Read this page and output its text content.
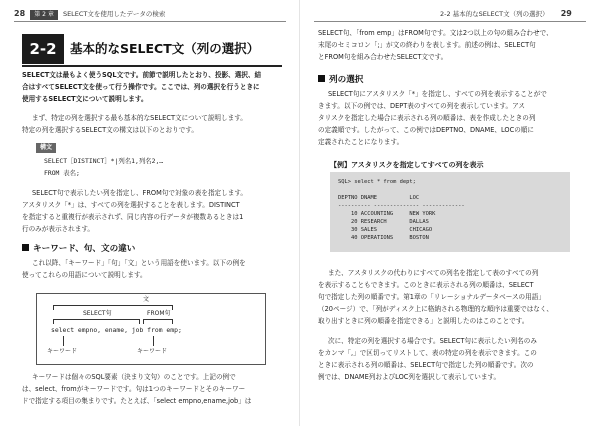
28 第 2 章 SELECT文を使用したデータの検索
2-2	基本的なSELECT文（列の選択）
SELECT文は最もよく使うSQL文です。前節で説明したとおり、投影、選択、結
合はすべてSELECT文を使って行う操作です。ここでは、列の選択を行うときに
使用するSELECT文について説明します。
まず、特定の列を選択する最も基本的なSELECT文について説明します。
特定の列を選択するSELECT文の構文は以下のとおりです。
構文
SELECT［DISTINCT］*|列名1,列名2,…
FROM 表名;
SELECT句で表示したい列を指定し、FROM句で対象の表を指定します。
アスタリスク「*」は、すべての列を選択することを表します。DISTINCT
を指定すると重複行が表示されず、同じ内容の行データが複数あるときは1
行のみが表示されます。
キーワード、句、文の違い
これ以降、「キーワード」「句」「文」という用語を使います。以下の例を
使ってこれらの用語について説明します。
文
SELECT句	FROM句
select empno, ename, job from emp;
キーワード	キーワード
キーワードは個々のSQL要素（決まり文句）のことです。上記の例で
は、select、fromがキーワードです。句は1つのキーワードとそのキーワー
ドで指定する項目の集まりです。たとえば、「select empno,ename,job」は
2-2 基本的なSELECT文（列の選択） 29
SELECT句、「from emp」はFROM句です。文は2つ以上の句の組み合わせで、
末尾のセミコロン「;」が文の終わりを表します。前述の例は、SELECT句
とFROM句を組み合わせたSELECT文です。
列の選択
SELECT句にアスタリスク「*」を指定し、すべての列を表示することがで
きます。以下の例では、DEPT表のすべての列を表示しています。アス
タリスクを指定した場合に表示される列の順番は、表を作成したときの列
の定義順です。したがって、この例ではDEPTNO、DNAME、LOCの順に
定義されたことになります。
【例】アスタリスクを指定してすべての列を表示
SQL> select * from dept;
DEPTNO DNAME          LOC
---------- -------------- -------------
10 ACCOUNTING     NEW YORK
20 RESEARCH       DALLAS
30 SALES          CHICAGO
40 OPERATIONS     BOSTON
また、アスタリスクの代わりにすべての列名を指定して表のすべての列
を表示することもできます。このときに表示される列の順番は、SELECT
句で指定した列の順番です。第1章の「リレーショナルデータベースの用語」
（20ページ）で、「列がディスク上に格納される物理的な順序は重要ではなく、
取り出すときに列の順番を指定できる」と説明したのはこのことです。
次に、特定の列を選択する場合です。SELECT句に表示したい列名のみ
をカンマ「,」で区切ってリストして、表の特定の列を表示できます。この
ときに表示される列の順番は、SELECT句で指定した列の順番です。次の
例では、DNAME列およびLOC列を選択して表示しています。
